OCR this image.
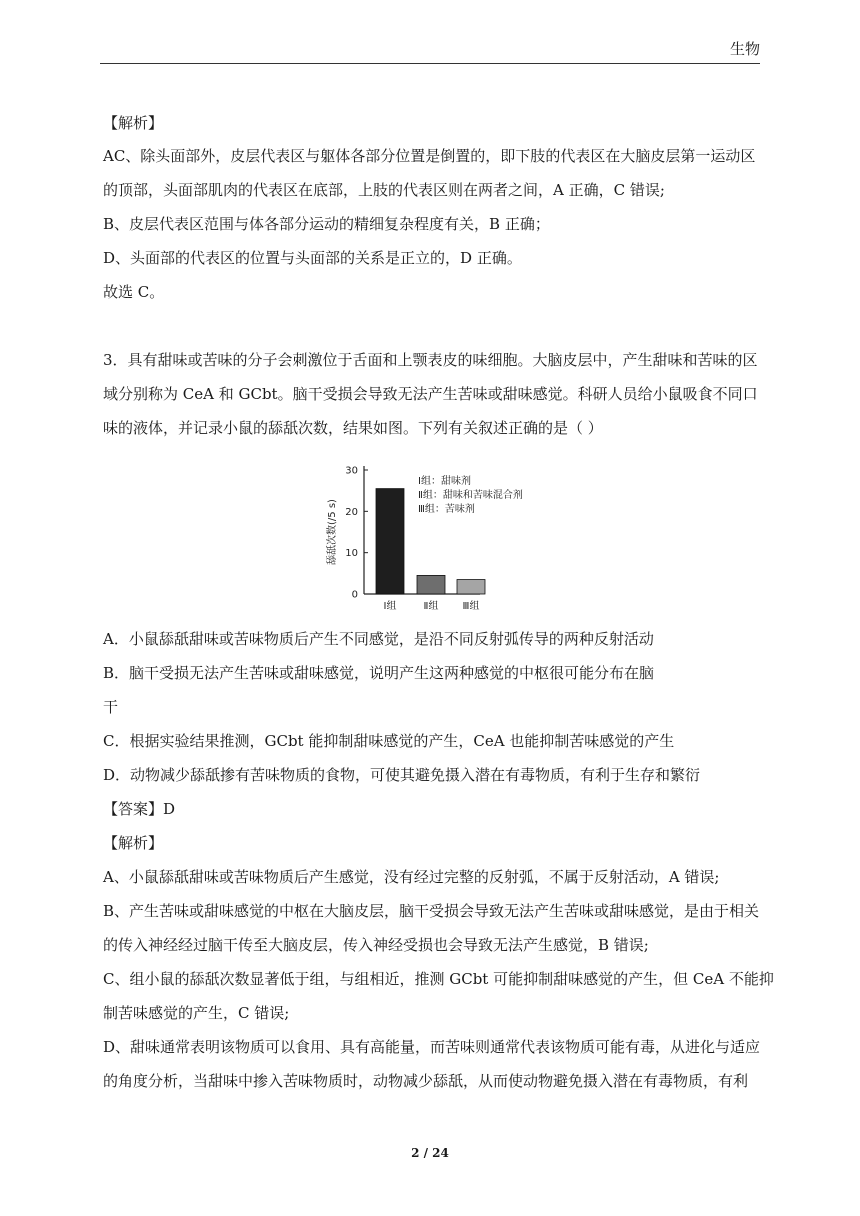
生物
【解析】
AC、除头面部外，皮层代表区与躯体各部分位置是倒置的，即下肢的代表区在大脑皮层第一运动区
的顶部，头面部肌肉的代表区在底部，上肢的代表区则在两者之间，A 正确，C 错误;
B、皮层代表区范围与体各部分运动的精细复杂程度有关，B 正确；
D、头面部的代表区的位置与头面部的关系是正立的，D 正确。
故选 C。
3．具有甜味或苦味的分子会刺激位于舌面和上颚表皮的味细胞。大脑皮层中，产生甜味和苦味的区
域分别称为 CeA 和 GCbt。脑干受损会导致无法产生苦味或甜味感觉。科研人员给小鼠吸食不同口
味的液体，并记录小鼠的舔舐次数，结果如图。下列有关叙述正确的是（ ）
0
10
20
30
舔舐次数(/5 s)
Ⅰ组	Ⅱ组 Ⅲ组
Ⅰ组：甜味剂
Ⅱ组：甜味和苦味混合剂
Ⅲ组：苦味剂
A．小鼠舔舐甜味或苦味物质后产生不同感觉，是沿不同反射弧传导的两种反射活动
B．脑干受损无法产生苦味或甜味感觉，说明产生这两种感觉的中枢很可能分布在脑
干
C．根据实验结果推测，GCbt 能抑制甜味感觉的产生，CeA 也能抑制苦味感觉的产生
D．动物减少舔舐掺有苦味物质的食物，可使其避免摄入潜在有毒物质，有利于生存和繁衍
【答案】D
【解析】
A、小鼠舔舐甜味或苦味物质后产生感觉，没有经过完整的反射弧，不属于反射活动，A 错误;
B、产生苦味或甜味感觉的中枢在大脑皮层，脑干受损会导致无法产生苦味或甜味感觉，是由于相关
的传入神经经过脑干传至大脑皮层，传入神经受损也会导致无法产生感觉，B 错误;
C、组小鼠的舔舐次数显著低于组，与组相近，推测 GCbt 可能抑制甜味感觉的产生，但 CeA 不能抑
制苦味感觉的产生，C 错误;
D、甜味通常表明该物质可以食用、具有高能量，而苦味则通常代表该物质可能有毒，从进化与适应
的角度分析，当甜味中掺入苦味物质时，动物减少舔舐，从而使动物避免摄入潜在有毒物质，有利
2 / 24
